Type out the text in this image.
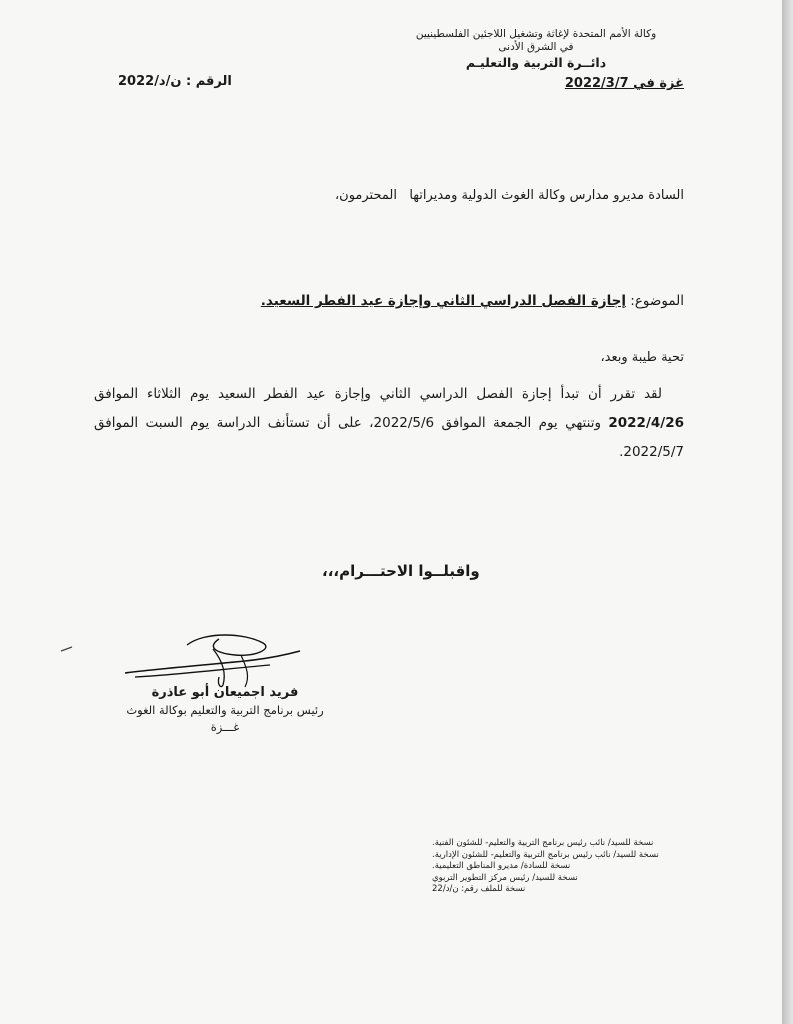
وكالة الأمم المتحدة لإغاثة وتشغيل اللاجئين الفلسطينيين
في الشرق الأدنى
دائــرة التربية والتعليـم
غزة في 2022/3/7
الرقم : ن/د/2022
السادة مديرو مدارس وكالة الغوث الدولية ومديراتها   المحترمون،
الموضوع: إجازة الفصل الدراسي الثاني وإجازة عيد الفطر السعيد.
تحية طيبة وبعد،
لقد تقرر أن تبدأ إجازة الفصل الدراسي الثاني وإجازة عيد الفطر السعيد يوم الثلاثاء الموافق 2022/4/26 وتنتهي يوم الجمعة الموافق 2022/5/6، على أن تستأنف الدراسة يوم السبت الموافق 2022/5/7.
واقبلــوا الاحتـــرام،،،
فريد اجميعان أبو عاذرة
رئيس برنامج التربية والتعليم بوكالة الغوث
غـــزة
نسخة للسيد/ نائب رئيس برنامج التربية والتعليم- للشئون الفنية.
نسخة للسيد/ نائب رئيس برنامج التربية والتعليم- للشئون الإدارية.
نسخة للسادة/ مديرو المناطق التعليمية.
نسخة للسيد/ رئيس مركز التطوير التربوي
نسخة للملف رقم: ن/د/22
